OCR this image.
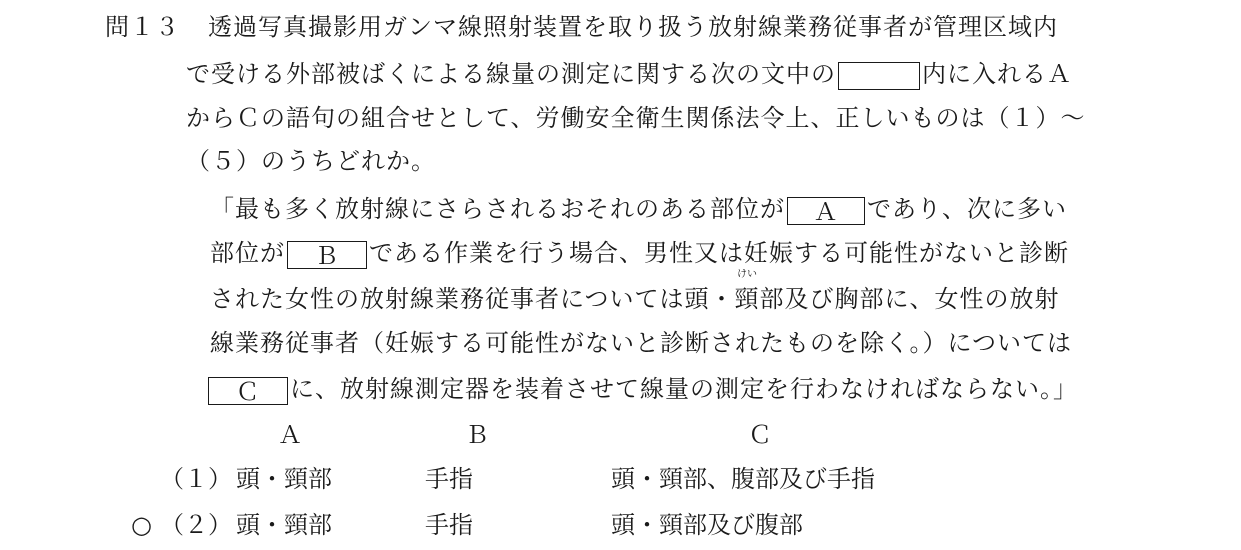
問１３ 透過写真撮影用ガンマ線照射装置を取り扱う放射線業務従事者が管理区域内
で受ける外部被ばくによる線量の測定に関する次の文中の	内に入れるＡ
からＣの語句の組合せとして、労働安全衛生関係法令上、正しいものは（１）～
（５）のうちどれか。
「最も多く放射線にさらされるおそれのある部位が Ａ であり、次に多い
部位が Ｂ である作業を行う場合、男性又は妊娠する可能性がないと診断
された女性の放射線業務従事者については頭・
けい
頸部及び胸部に、女性の放射
線業務従事者（妊娠する可能性がないと診断されたものを除く。）については
Ｃ に、放射線測定器を装着させて線量の測定を行わなければならない。」
Ａ	Ｂ	Ｃ
（１） 頭・頸部	手指	頭・頸部、腹部及び手指
○ （２） 頭・頸部	手指	頭・頸部及び腹部
